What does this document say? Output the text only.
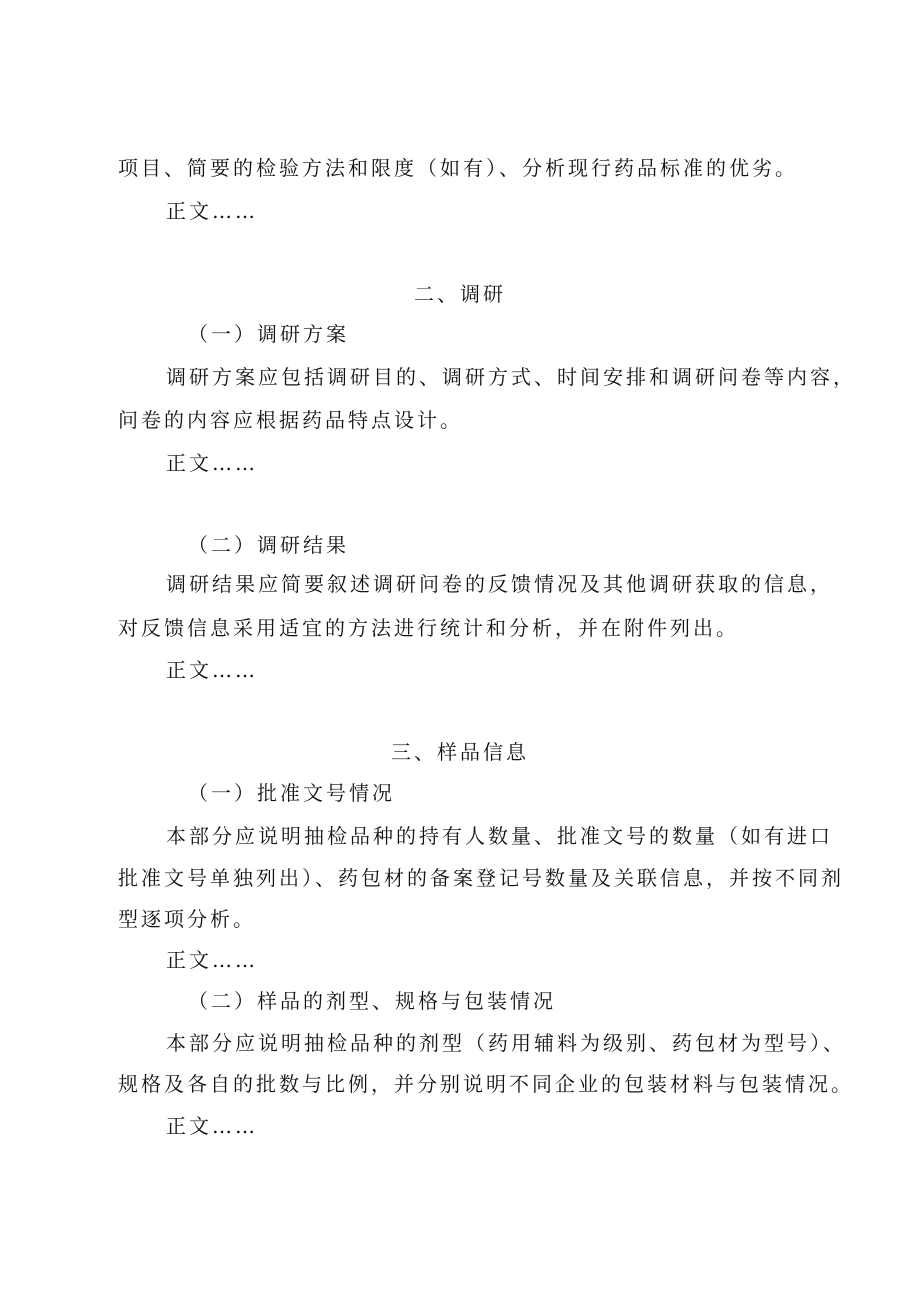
项目、简要的检验方法和限度（如有）、分析现行药品标准的优劣。
正文……
二、调研
（一）调研方案
调研方案应包括调研目的、调研方式、时间安排和调研问卷等内容，
问卷的内容应根据药品特点设计。
正文……
（二）调研结果
调研结果应简要叙述调研问卷的反馈情况及其他调研获取的信息，
对反馈信息采用适宜的方法进行统计和分析，并在附件列出。
正文……
三、样品信息
（一）批准文号情况
本部分应说明抽检品种的持有人数量、批准文号的数量（如有进口
批准文号单独列出）、药包材的备案登记号数量及关联信息，并按不同剂
型逐项分析。
正文……
（二）样品的剂型、规格与包装情况
本部分应说明抽检品种的剂型（药用辅料为级别、药包材为型号）、
规格及各自的批数与比例，并分别说明不同企业的包装材料与包装情况。
正文……
